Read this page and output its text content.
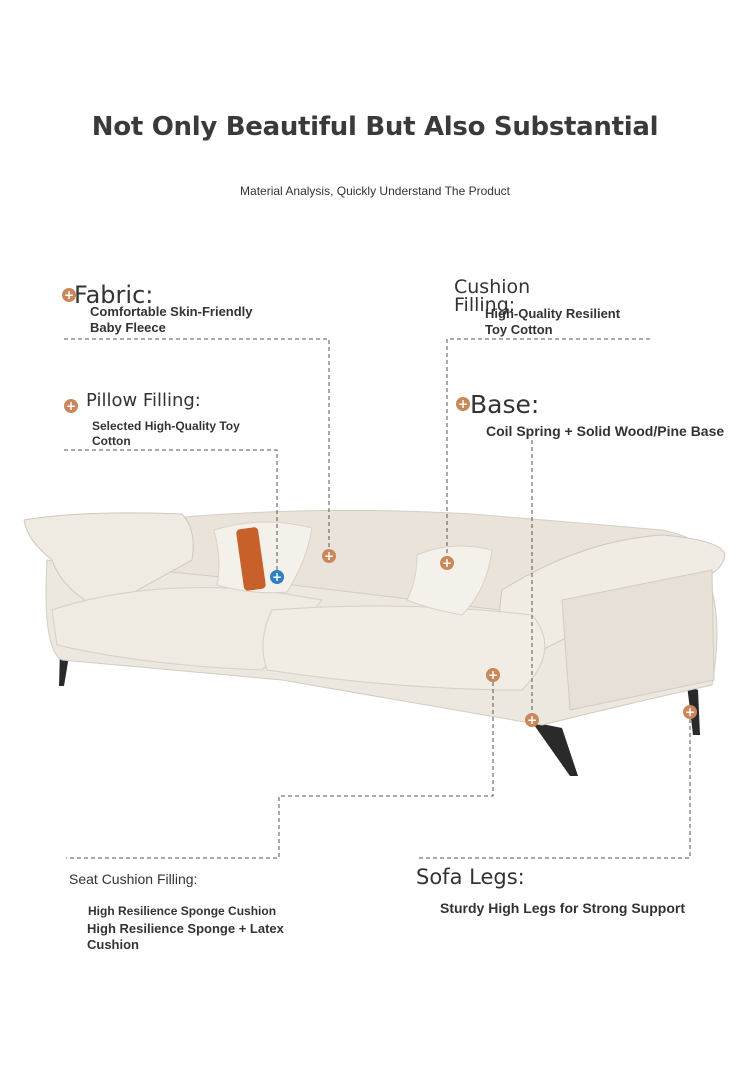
Not Only Beautiful But Also Substantial
Material Analysis, Quickly Understand The Product
+ Fabric:
Comfortable Skin-Friendly
Baby Fleece
+ Pillow Filling:
Selected High-Quality Toy
Cotton
Cushion
Filling:
High-Quality Resilient
Toy Cotton
+ Base:
Coil Spring + Solid Wood/Pine Base
+
+
+
+
+
+
Seat Cushion Filling:
High Resilience Sponge Cushion
High Resilience Sponge + Latex
Cushion
Sofa Legs:
Sturdy High Legs for Strong Support
